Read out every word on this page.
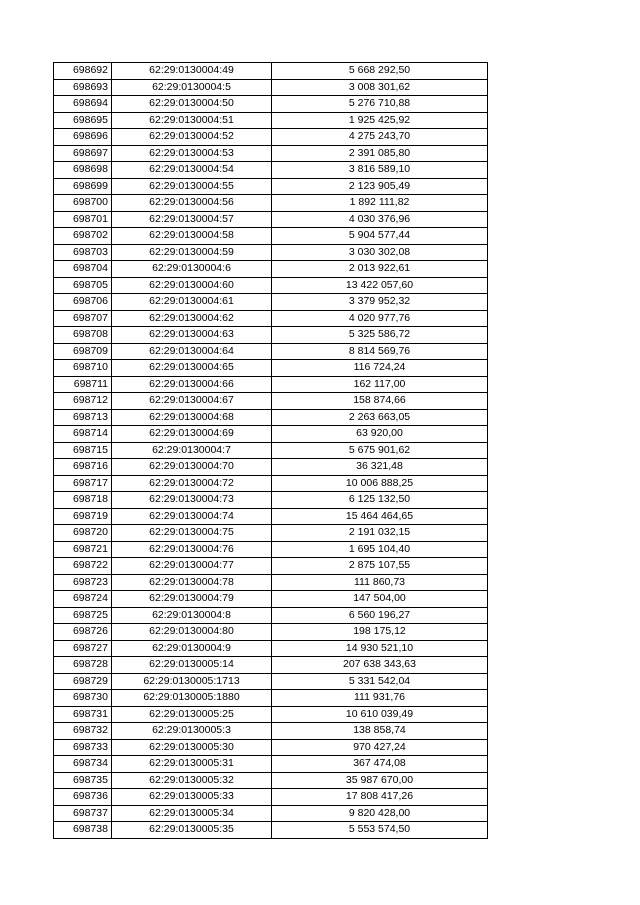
698692	62:29:0130004:49	5 668 292,50
698693	62:29:0130004:5	3 008 301,62
698694	62:29:0130004:50	5 276 710,88
698695	62:29:0130004:51	1 925 425,92
698696	62:29:0130004:52	4 275 243,70
698697	62:29:0130004:53	2 391 085,80
698698	62:29:0130004:54	3 816 589,10
698699	62:29:0130004:55	2 123 905,49
698700	62:29:0130004:56	1 892 111,82
698701	62:29:0130004:57	4 030 376,96
698702	62:29:0130004:58	5 904 577,44
698703	62:29:0130004:59	3 030 302,08
698704	62:29:0130004:6	2 013 922,61
698705	62:29:0130004:60	13 422 057,60
698706	62:29:0130004:61	3 379 952,32
698707	62:29:0130004:62	4 020 977,76
698708	62:29:0130004:63	5 325 586,72
698709	62:29:0130004:64	8 814 569,76
698710	62:29:0130004:65	116 724,24
698711	62:29:0130004:66	162 117,00
698712	62:29:0130004:67	158 874,66
698713	62:29:0130004:68	2 263 663,05
698714	62:29:0130004:69	63 920,00
698715	62:29:0130004:7	5 675 901,62
698716	62:29:0130004:70	36 321,48
698717	62:29:0130004:72	10 006 888,25
698718	62:29:0130004:73	6 125 132,50
698719	62:29:0130004:74	15 464 464,65
698720	62:29:0130004:75	2 191 032,15
698721	62:29:0130004:76	1 695 104,40
698722	62:29:0130004:77	2 875 107,55
698723	62:29:0130004:78	111 860,73
698724	62:29:0130004:79	147 504,00
698725	62:29:0130004:8	6 560 196,27
698726	62:29:0130004:80	198 175,12
698727	62:29:0130004:9	14 930 521,10
698728	62:29:0130005:14	207 638 343,63
698729	62:29:0130005:1713	5 331 542,04
698730	62:29:0130005:1880	111 931,76
698731	62:29:0130005:25	10 610 039,49
698732	62:29:0130005:3	138 858,74
698733	62:29:0130005:30	970 427,24
698734	62:29:0130005:31	367 474,08
698735	62:29:0130005:32	35 987 670,00
698736	62:29:0130005:33	17 808 417,26
698737	62:29:0130005:34	9 820 428,00
698738	62:29:0130005:35	5 553 574,50
